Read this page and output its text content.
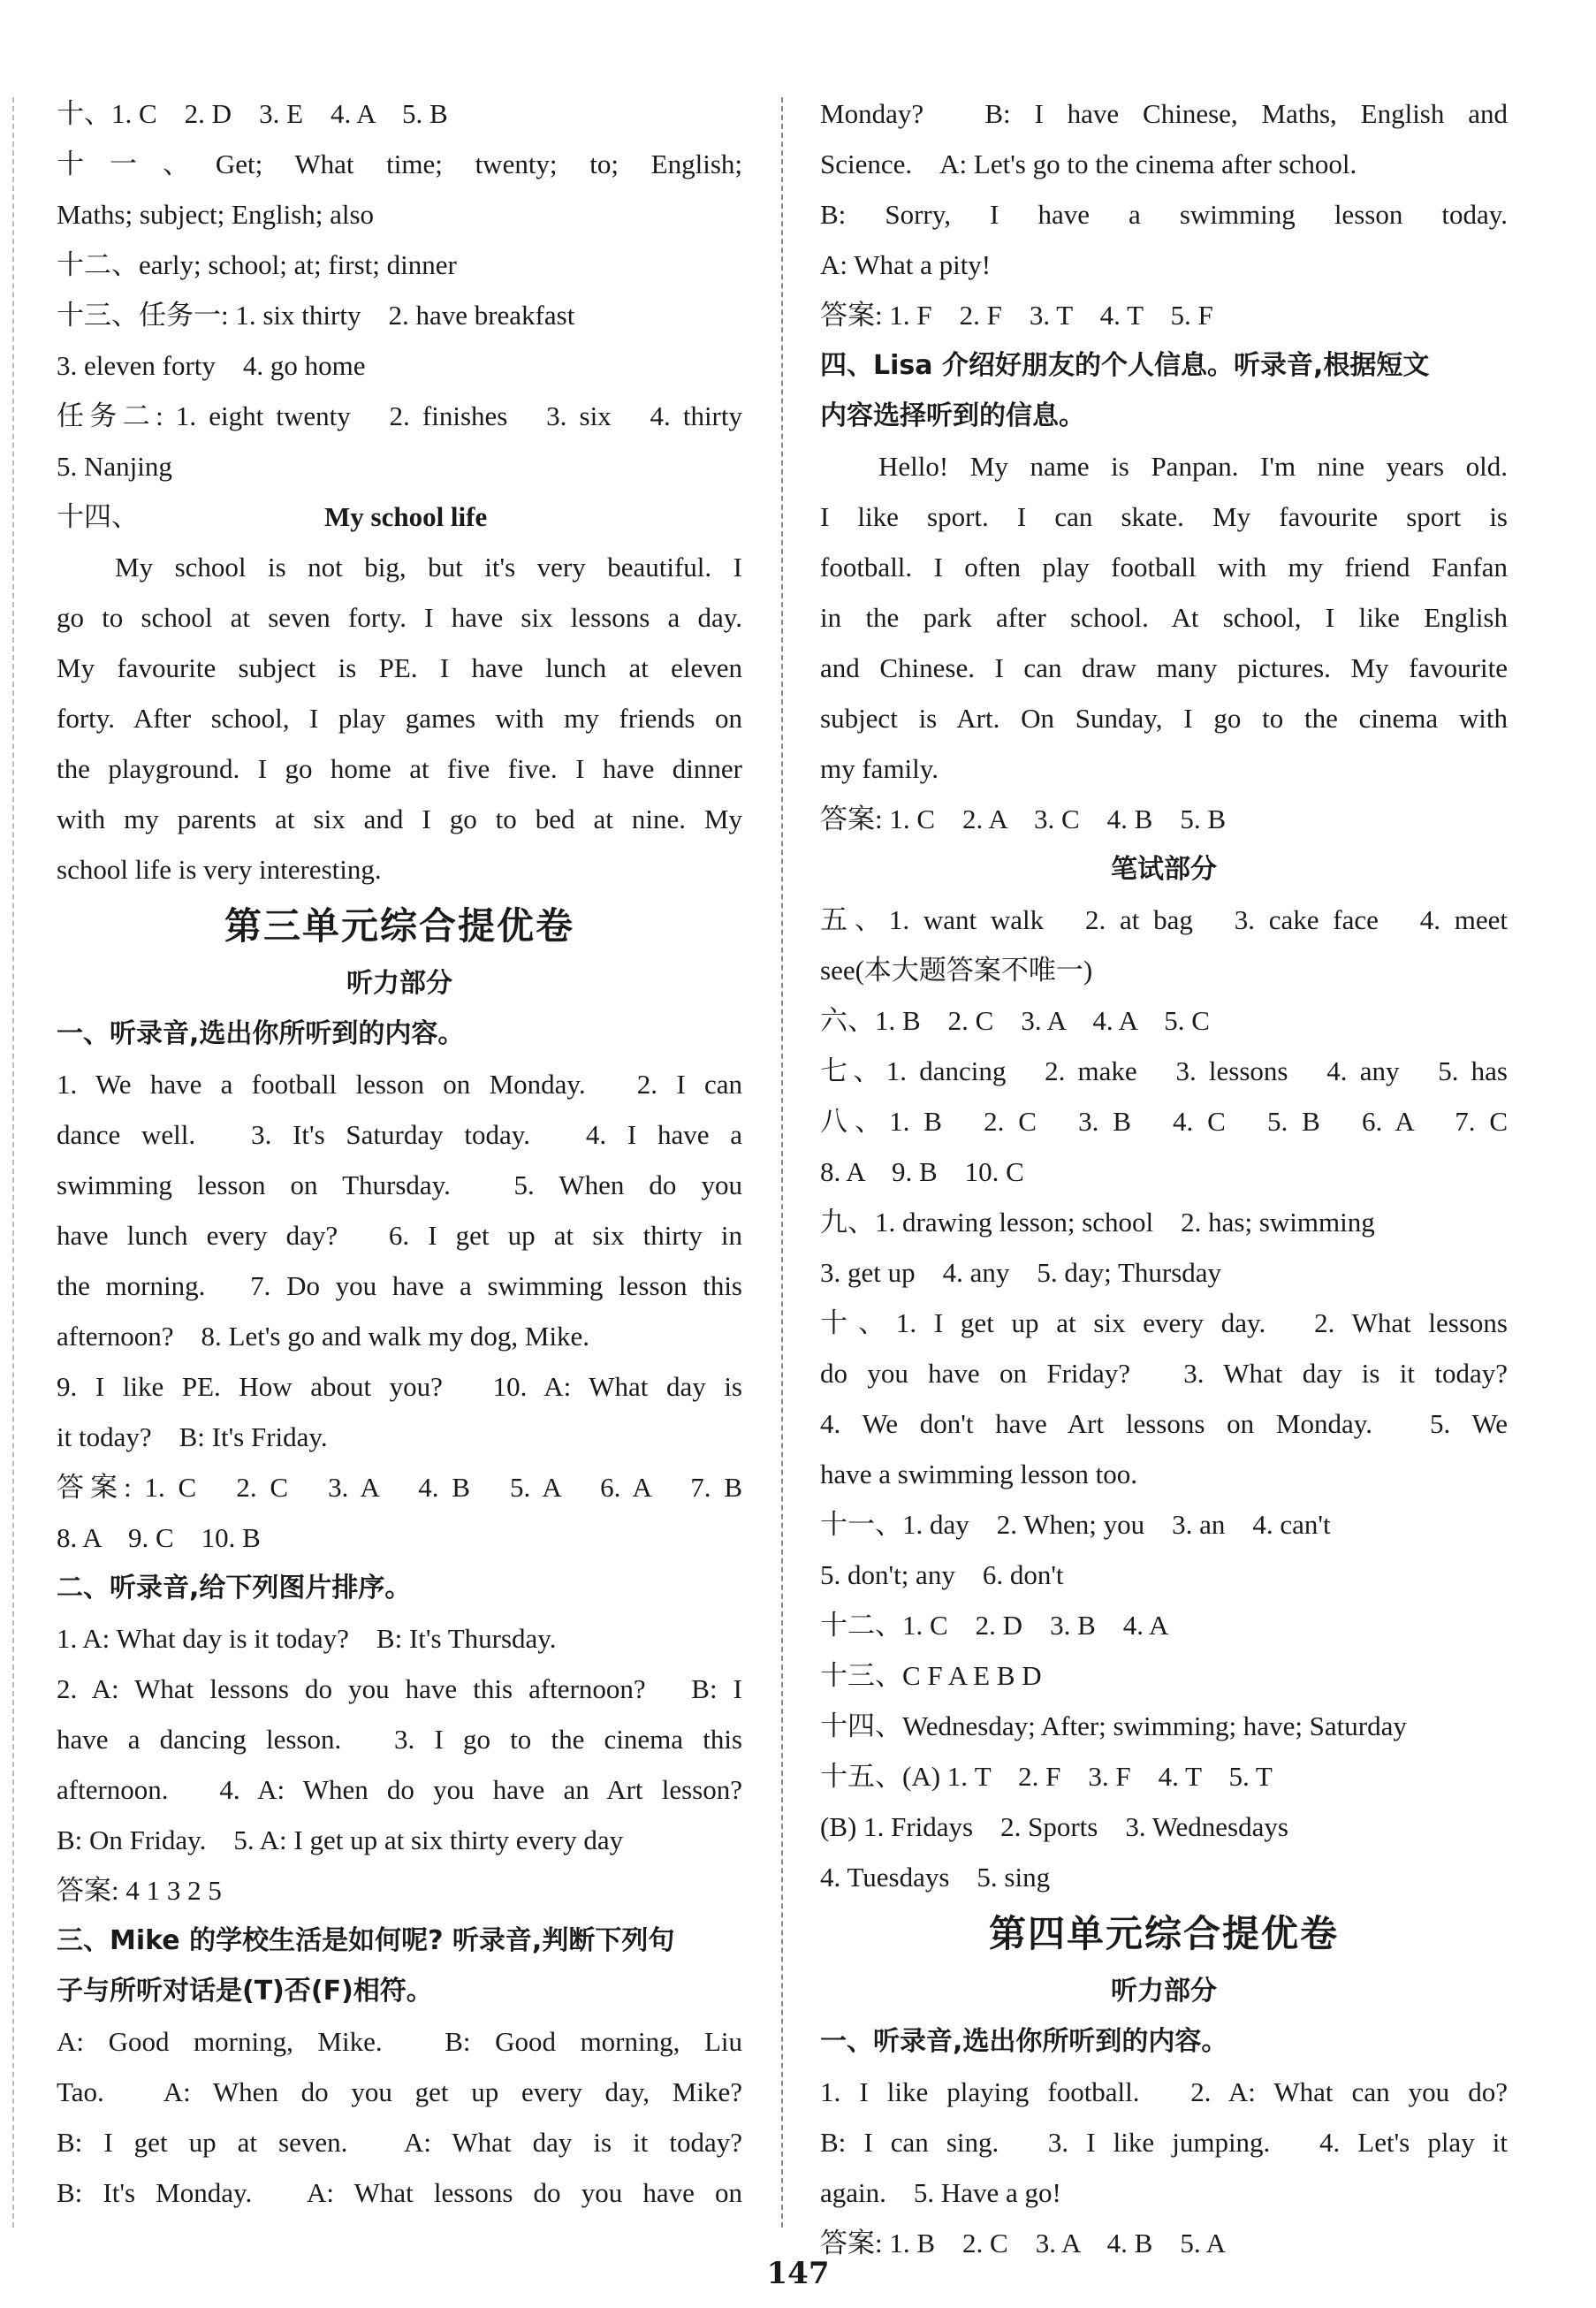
十、1. C　2. D　3. E　4. A　5. B
十一、Get; What time; twenty; to; English;
Maths; subject; English; also
十二、early; school; at; first; dinner
十三、任务一: 1. six thirty　2. have breakfast
3. eleven forty　4. go home
任务二: 1. eight twenty　2. finishes　3. six　4. thirty
5. Nanjing
十四、	My school life
My school is not big, but it's very beautiful. I
go to school at seven forty. I have six lessons a day.
My favourite subject is PE. I have lunch at eleven
forty. After school, I play games with my friends on
the playground. I go home at five five. I have dinner
with my parents at six and I go to bed at nine. My
school life is very interesting.
第三单元综合提优卷
听力部分
一、听录音,选出你所听到的内容。
1. We have a football lesson on Monday.　2. I can
dance well.　3. It's Saturday today.　4. I have a
swimming lesson on Thursday.　5. When do you
have lunch every day?　6. I get up at six thirty in
the morning.　7. Do you have a swimming lesson this
afternoon?　8. Let's go and walk my dog, Mike.
9. I like PE. How about you?　10. A: What day is
it today?　B: It's Friday.
答案: 1. C　2. C　3. A　4. B　5. A　6. A　7. B
8. A　9. C　10. B
二、听录音,给下列图片排序。
1. A: What day is it today?　B: It's Thursday.
2. A: What lessons do you have this afternoon?　B: I
have a dancing lesson.　3. I go to the cinema this
afternoon.　4. A: When do you have an Art lesson?
B: On Friday.　5. A: I get up at six thirty every day
答案: 4 1 3 2 5
三、Mike 的学校生活是如何呢? 听录音,判断下列句
子与所听对话是(T)否(F)相符。
A: Good morning, Mike.　B: Good morning, Liu
Tao.　A: When do you get up every day, Mike?
B: I get up at seven.　A: What day is it today?
B: It's Monday.　A: What lessons do you have on
Monday?　B: I have Chinese, Maths, English and
Science.　A: Let's go to the cinema after school.
B: Sorry, I have a swimming lesson today.
A: What a pity!
答案: 1. F　2. F　3. T　4. T　5. F
四、Lisa 介绍好朋友的个人信息。听录音,根据短文
内容选择听到的信息。
Hello! My name is Panpan. I'm nine years old.
I like sport. I can skate. My favourite sport is
football. I often play football with my friend Fanfan
in the park after school. At school, I like English
and Chinese. I can draw many pictures. My favourite
subject is Art. On Sunday, I go to the cinema with
my family.
答案: 1. C　2. A　3. C　4. B　5. B
笔试部分
五、1. want walk　2. at bag　3. cake face　4. meet
see(本大题答案不唯一)
六、1. B　2. C　3. A　4. A　5. C
七、1. dancing　2. make　3. lessons　4. any　5. has
八、1. B　2. C　3. B　4. C　5. B　6. A　7. C
8. A　9. B　10. C
九、1. drawing lesson; school　2. has; swimming
3. get up　4. any　5. day; Thursday
十、1. I get up at six every day.　2. What lessons
do you have on Friday?　3. What day is it today?
4. We don't have Art lessons on Monday.　5. We
have a swimming lesson too.
十一、1. day　2. When; you　3. an　4. can't
5. don't; any　6. don't
十二、1. C　2. D　3. B　4. A
十三、C F A E B D
十四、Wednesday; After; swimming; have; Saturday
十五、(A) 1. T　2. F　3. F　4. T　5. T
(B) 1. Fridays　2. Sports　3. Wednesdays
4. Tuesdays　5. sing
第四单元综合提优卷
听力部分
一、听录音,选出你所听到的内容。
1. I like playing football.　2. A: What can you do?
B: I can sing.　3. I like jumping.　4. Let's play it
again.　5. Have a go!
答案: 1. B　2. C　3. A　4. B　5. A
147
